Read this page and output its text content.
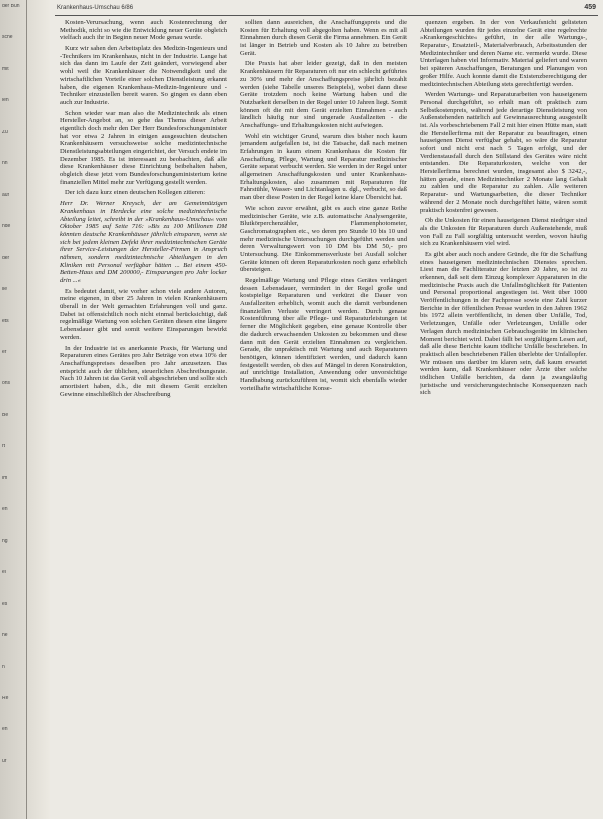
der Bun
sche
mit
ien
Zu
nn
auf
nde
der
lie
ets
er
ons
Be
rt
im
en
ng
ei
es
he
n
Re
en
ur
Krankenhaus-Umschau 6/86	459

Kosten-Verursachung, wenn auch Kostenrechnung der Methodik, nicht so wie die Entwicklung neuer Geräte obgleich vielfach auch ihr in Beginn neuer Mode genau wurde.

Kurz wir sahen den Arbeitsplatz des Medizin-Ingenieurs und -Technikers im Krankenhaus, nicht in der Industrie. Lange hat sich das dann im Laufe der Zeit geändert, vorwiegend aber wohl weil die Krankenhäuser die Notwendigkeit und die wirtschaftlichen Vorteile einer solchen Dienstleistung erkannt haben, die eigenen Krankenhaus-Medizin-Ingenieure und -Techniker einzustellen bereit waren. So gingen es dann eben auch zur Industrie.

Schon wieder war man also die Medizintechnik als einen Hersteller-Angebot an, so gehe das Thema dieser Arbeit eigentlich doch mehr den Der Herr Bundesforschungsminister hat vor etwa 2 Jahren in einigen ausgesuchten deutschen Krankenhäusern versuchsweise solche medizintechnische Dienstleistungsabteilungen eingerichtet, der Versuch endete im Dezember 1985. Es ist interessant zu beobachten, daß alle diese Krankenhäuser diese Einrichtung beibehalten haben, obgleich diese jetzt vom Bundesforschungsministerium keine finanziellen Mittel mehr zur Verfügung gestellt werden.

Der ich dazu kurz einen deutschen Kollegen zitieren:

Herr Dr. Werner Kreysch, der am Gemeinnützigen Krankenhaus in Herdecke eine solche medizintechnische Abteilung leitet, schreibt in der »Krankenhaus-Umschau« vom Oktober 1985 auf Seite 716: »Bis zu 100 Millionen DM könnten deutsche Krankenhäuser jährlich einsparen, wenn sie sich bei jedem kleinen Defekt ihrer medizintechnischen Geräte ihrer Service-Leistungen der Hersteller-Firmen in Anspruch nähmen, sondern medizintechnische Abteilungen in den Kliniken mit Personal verfügbar hätten ... Bei einem 450-Betten-Haus und DM 200000,- Einsparungen pro Jahr locker drin ...«

Es bedeutet damit, wie vorher schon viele andere Autoren, meine eigenen, in über 25 Jahren in vielen Krankenhäusern überall in der Welt gemachten Erfahrungen voll und ganz. Dabei ist offensichtlich noch nicht einmal berücksichtigt, daß regelmäßige Wartung von solchen Geräten diesen eine längere Lebensdauer gibt und somit weitere Einsparungen bewirkt werden.

In der Industrie ist es anerkannte Praxis, für Wartung und Reparaturen eines Gerätes pro Jahr Beträge von etwa 10% der Anschaffungspreises desselben pro Jahr anzusetzen. Das entspricht auch der üblichen, steuerlichen Abschreibungsrate. Nach 10 Jahren ist das Gerät voll abgeschrieben und sollte sich amortisiert haben, d.h., die mit diesem Gerät erzielten Gewinne einschließlich der Abschreibung

sollten dann ausreichen, die Anschaffungspreis und die Kosten für Erhaltung voll abgegolten haben. Wenn es mit all Einnahmen durch diesen Gerät die Firma annehmen. Ein Gerät ist länger in Betrieb und Kosten als 10 Jahre zu betreiben Gerät.

Die Praxis hat aber leider gezeigt, daß in den meisten Krankenhäusern für Reparaturen oft nur ein schlecht geführtes zu 30% und mehr der Anschaffungspreise jährlich bezahlt werden (siehe Tabelle unseres Beispiels), wobei dann diese Geräte trotzdem noch keine Wartung haben und die Nutzbarkeit derselben in der Regel unter 10 Jahren liegt. Somit können oft die mit dem Gerät erzielten Einnahmen - auch ländlich häufig nur sind ungerade Ausfallzeiten - die Anschaffungs- und Erhaltungskosten nicht aufwiegen.

Wohl ein wichtiger Grund, warum dies bisher noch kaum jemandem aufgefallen ist, ist die Tatsache, daß nach meinen Erfahrungen in kaum einem Krankenhaus die Kosten für Anschaffung, Pflege, Wartung und Reparatur medizinischer Geräte separat verbucht werden. Sie werden in der Regel unter allgemeinen Anschaffungskosten und unter Krankenhaus-Erhaltungskosten, also zusammen mit Reparaturen für Fahrstühle, Wasser- und Lichtanlagen u. dgl., verbucht, so daß man über diese Posten in der Regel keine klare Übersicht hat.

Wie schon zuvor erwähnt, gibt es auch eine ganze Reihe medizinischer Geräte, wie z.B. automatische Analysengeräte, Blutkörperchenzähler, Flammenphotometer, Gaschromatographen etc., wo deren pro Stunde 10 bis 10 und mehr medizinische Untersuchungen durchgeführt werden und deren Verwaltungswert von 10 DM bis DM 50,- pro Untersuchung. Die Einkommensverluste bei Ausfall solcher Geräte können oft deren Reparaturkosten noch ganz erheblich übersteigen.

Regelmäßige Wartung und Pflege eines Gerätes verlängert dessen Lebensdauer, vermindert in der Regel große und kostspielige Reparaturen und verkürzt die Dauer von Ausfallzeiten erheblich, womit auch die damit verbundenen finanziellen Verluste verringert werden. Durch genaue Kostenführung über alle Pflege- und Reparaturleistungen ist ferner die Möglichkeit gegeben, eine genaue Kontrolle über die dadurch erwachsenden Unkosten zu bekommen und diese dann mit den Gerät erzielten Einnahmen zu vergleichen. Gerade, die unpraktisch mit Wartung und auch Reparaturen benötigen, können identifiziert werden, und dadurch kann festgestellt werden, ob dies auf Mängel in deren Konstruktion, auf unrichtige Installation, Anwendung oder unvorsichtige Handhabung zurückzuführen ist, womit sich ebenfalls wieder vorteilhafte wirtschaftliche Konse-

quenzen ergeben. In der von Verkaufsnicht gelisteten Abteilungen wurden für jedes einzelne Gerät eine regelrechte »Krankengeschichte« geführt, in der alle Wartungs-, Reparatur-, Ersatzteil-, Materialverbrauch, Arbeitsstunden der Medizintechniker und deren Name etc. vermerkt wurde. Diese Unterlagen haben viel Informativ. Material geliefert und waren bei späteren Anschaffungen, Beratungen und Planungen von großer Hilfe. Auch konnte damit die Existenzberechtigung der medizintechnischen Abteilung stets gerechtfertigt werden.

Werden Wartungs- und Reparaturarbeiten von hauseigenem Personal durchgeführt, so erhält man oft praktisch zum Selbstkostenpreis, während jede derartige Dienstleistung von Außenstehenden natürlich auf Gewinnausrechtung ausgestellt ist. Als vorbeschriebenem Fall 2 mit hier einen Hütte man, statt die Herstellerfirma mit der Reparatur zu beauftragen, einen hauseigenen Dienst verfügbar gehabt, so wäre die Reparatur sofort und nicht erst nach 5 Tagen erfolgt, und der Verdienstausfall durch den Stillstand des Gerätes wäre nicht entstanden. Die Reparaturkosten, welche von der Herstellerfirma berechnet wurden, insgesamt also $ 3242,-, hätten gerade, einen Medizintechniker 2 Monate lang Gehalt zu zahlen und die Reparatur zu zahlen. Alle weiteren Reparatur- und Wartungsarbeiten, die dieser Techniker während der 2 Monate noch durchgeführt hätte, wären somit praktisch kostenfrei gewesen.

Ob die Unkosten für einen hauseigenen Dienst niedriger sind als die Unkosten für Reparaturen durch Außenstehende, muß von Fall zu Fall sorgfältig untersucht werden, wovon häufig sich zu Krankenhäusern viel wird.

Es gibt aber auch noch andere Gründe, die für die Schaffung eines hauseigenen medizintechnischen Dienstes sprechen. Liest man die Fachliteratur der letzten 20 Jahre, so ist zu erkennen, daß seit dem Einzug komplexer Apparaturen in die medizinische Praxis auch die Unfallmöglichkeit für Patienten und Personal proportional angestiegen ist. Weit über 1000 Veröffentlichungen in der Fachpresse sowie eine Zahl kurzer Berichte in der öffentlichen Presse wurden in den Jahren 1962 bis 1972 allein veröffentlicht, in denen über Unfälle, Tod, Verletzungen, Unfälle oder Verletzungen, Unfälle oder Verlagen durch medizinischen Gebrauchsgeräte im klinischen Moment berichtet wird. Dabei fällt bei sorgfältigem Lesen auf, daß alle diese Berichte kaum tödliche Unfälle beschrieben. In praktisch allen beschriebenen Fällen überlebte der Unfallopfer. Wir müssen uns darüber im klaren sein, daß kaum erwartet werden kann, daß Krankenhäuser oder Ärzte über solche tödlichen Unfälle berichten, da dann ja zwangsläufig juristische und versicherungstechnische Konsequenzen nach sich
